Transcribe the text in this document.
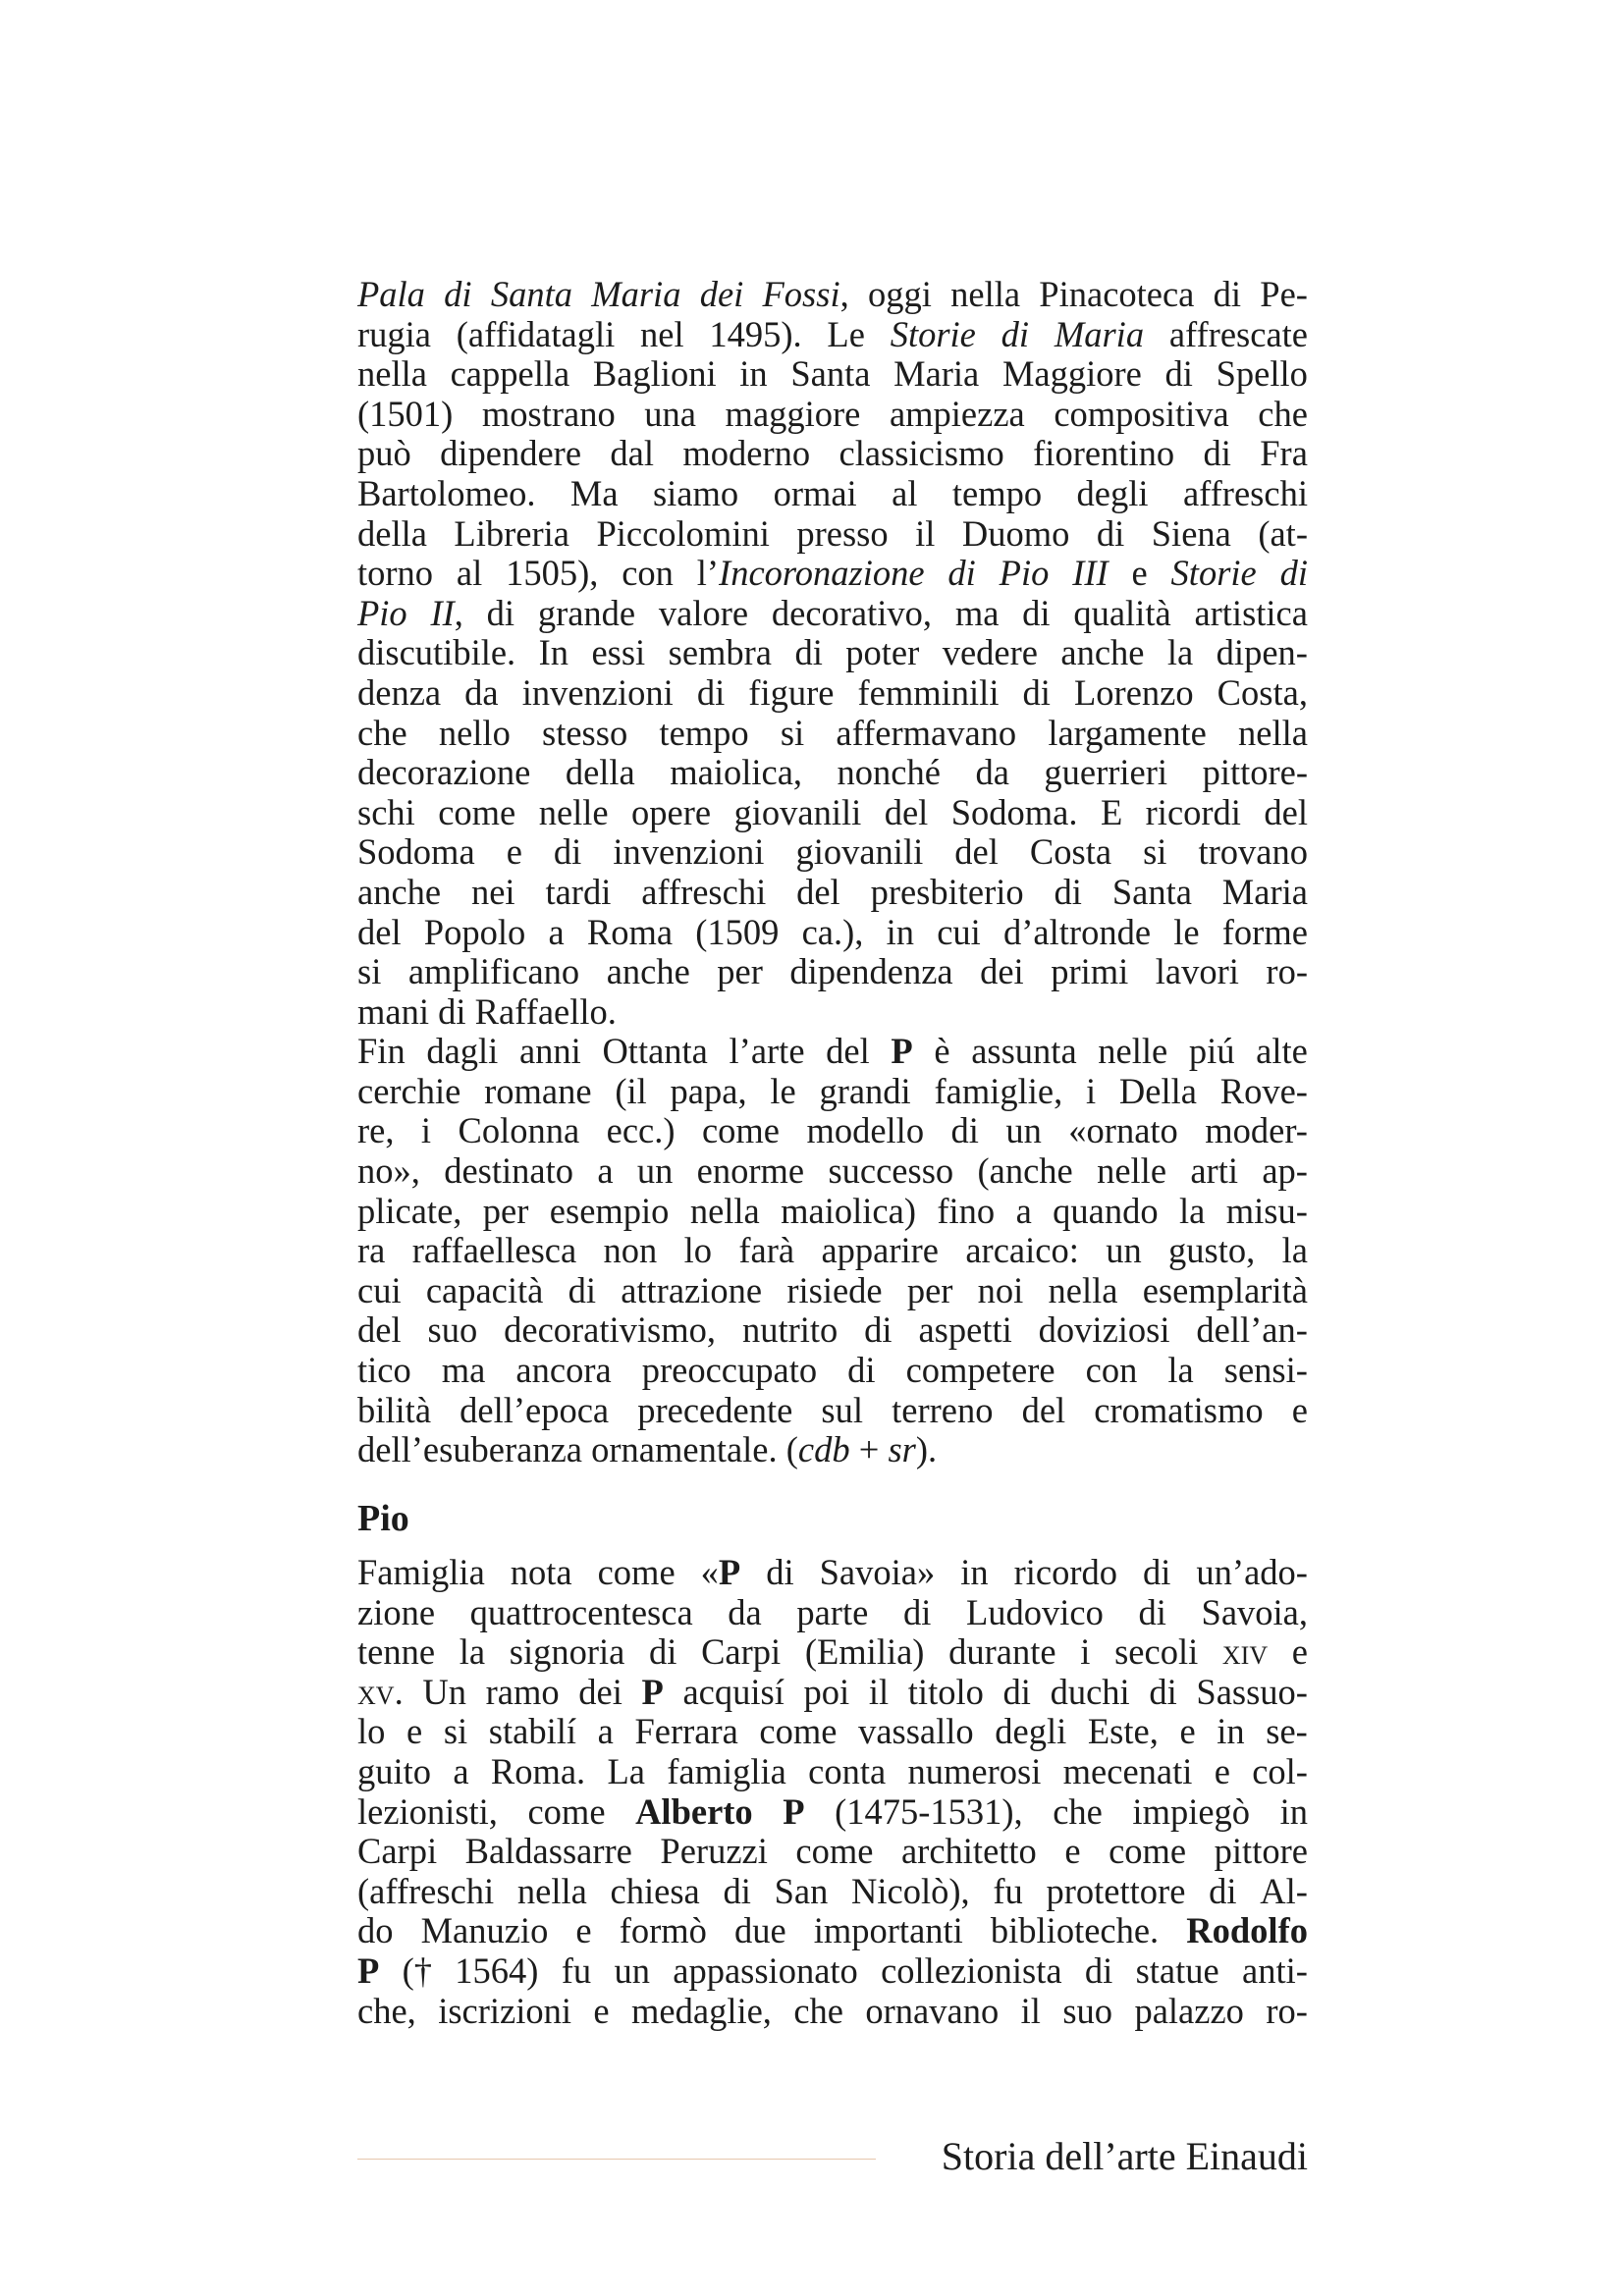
Pala di Santa Maria dei Fossi, oggi nella Pinacoteca di Pe-
rugia (affidatagli nel 1495). Le Storie di Maria affrescate
nella cappella Baglioni in Santa Maria Maggiore di Spello
(1501) mostrano una maggiore ampiezza compositiva che
può dipendere dal moderno classicismo fiorentino di Fra
Bartolomeo. Ma siamo ormai al tempo degli affreschi
della Libreria Piccolomini presso il Duomo di Siena (at-
torno al 1505), con l’Incoronazione di Pio III e Storie di
Pio II, di grande valore decorativo, ma di qualità artistica
discutibile. In essi sembra di poter vedere anche la dipen-
denza da invenzioni di figure femminili di Lorenzo Costa,
che nello stesso tempo si affermavano largamente nella
decorazione della maiolica, nonché da guerrieri pittore-
schi come nelle opere giovanili del Sodoma. E ricordi del
Sodoma e di invenzioni giovanili del Costa si trovano
anche nei tardi affreschi del presbiterio di Santa Maria
del Popolo a Roma (1509 ca.), in cui d’altronde le forme
si amplificano anche per dipendenza dei primi lavori ro-
mani di Raffaello.
Fin dagli anni Ottanta l’arte del P è assunta nelle piú alte
cerchie romane (il papa, le grandi famiglie, i Della Rove-
re, i Colonna ecc.) come modello di un «ornato moder-
no», destinato a un enorme successo (anche nelle arti ap-
plicate, per esempio nella maiolica) fino a quando la misu-
ra raffaellesca non lo farà apparire arcaico: un gusto, la
cui capacità di attrazione risiede per noi nella esemplarità
del suo decorativismo, nutrito di aspetti doviziosi dell’an-
tico ma ancora preoccupato di competere con la sensi-
bilità dell’epoca precedente sul terreno del cromatismo e
dell’esuberanza ornamentale. (cdb + sr).
Pio
Famiglia nota come «P di Savoia» in ricordo di un’ado-
zione quattrocentesca da parte di Ludovico di Savoia,
tenne la signoria di Carpi (Emilia) durante i secoli xiv e
xv. Un ramo dei P acquisí poi il titolo di duchi di Sassuo-
lo e si stabilí a Ferrara come vassallo degli Este, e in se-
guito a Roma. La famiglia conta numerosi mecenati e col-
lezionisti, come Alberto P (1475-1531), che impiegò in
Carpi Baldassarre Peruzzi come architetto e come pittore
(affreschi nella chiesa di San Nicolò), fu protettore di Al-
do Manuzio e formò due importanti biblioteche. Rodolfo
P († 1564) fu un appassionato collezionista di statue anti-
che, iscrizioni e medaglie, che ornavano il suo palazzo ro-
Storia dell’arte Einaudi
